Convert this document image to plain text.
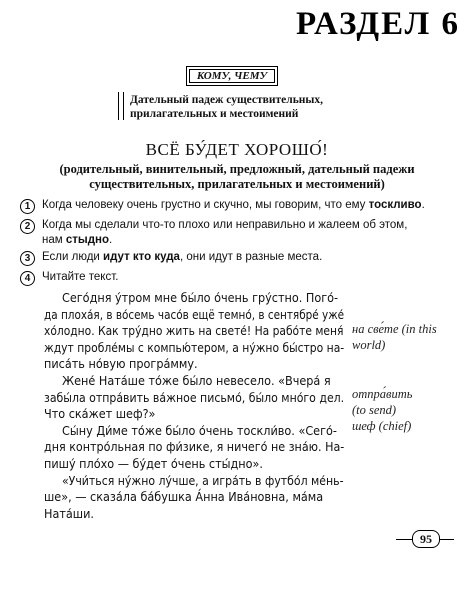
РАЗДЕЛ 6
КОМУ, ЧЕМУ
Дательный падеж существительных,
прилагательных и местоимений
ВСЁ БУ́ДЕТ ХОРОШО́!
(родительный, винительный, предложный, дательный падежи
существительных, прилагательных и местоимений)
1	Когда человеку очень грустно и скучно, мы говорим, что ему тоскливо.
2	Когда мы сделали что-то плохо или неправильно и жалеем об этом,
нам стыдно.
3	Если люди идут кто куда, они идут в разные места.
4	Читайте текст.
Сего́дня у́тром мне бы́ло о́чень гру́стно. Пого́-
да плоха́я, в во́семь часо́в ещё темно́, в сентябре́ уже́
хо́лодно. Как тру́дно жить на свете́! На рабо́те меня́
ждут пробле́мы с компью́тером, а ну́жно бы́стро на-
писа́ть но́вую програ́мму.
Жене́ Ната́ше то́же бы́ло невесело. «Вчера́ я
забы́ла отпра́вить ва́жное письмо́, бы́ло мно́го дел.
Что ска́жет шеф?»
Сы́ну Ди́ме то́же бы́ло о́чень тоскли́во. «Сего́-
дня контро́льная по фи́зике, я ничего́ не зна́ю. На-
пишу́ пло́хо — бу́дет о́чень сты́дно».
«Учи́ться ну́жно лу́чше, а игра́ть в футбо́л ме́нь-
ше», — сказа́ла ба́бушка А́нна Ива́новна, ма́ма
Ната́ши.
на све́те (in this
world)
отпра́вить
(to send)
шеф (chief)
95
